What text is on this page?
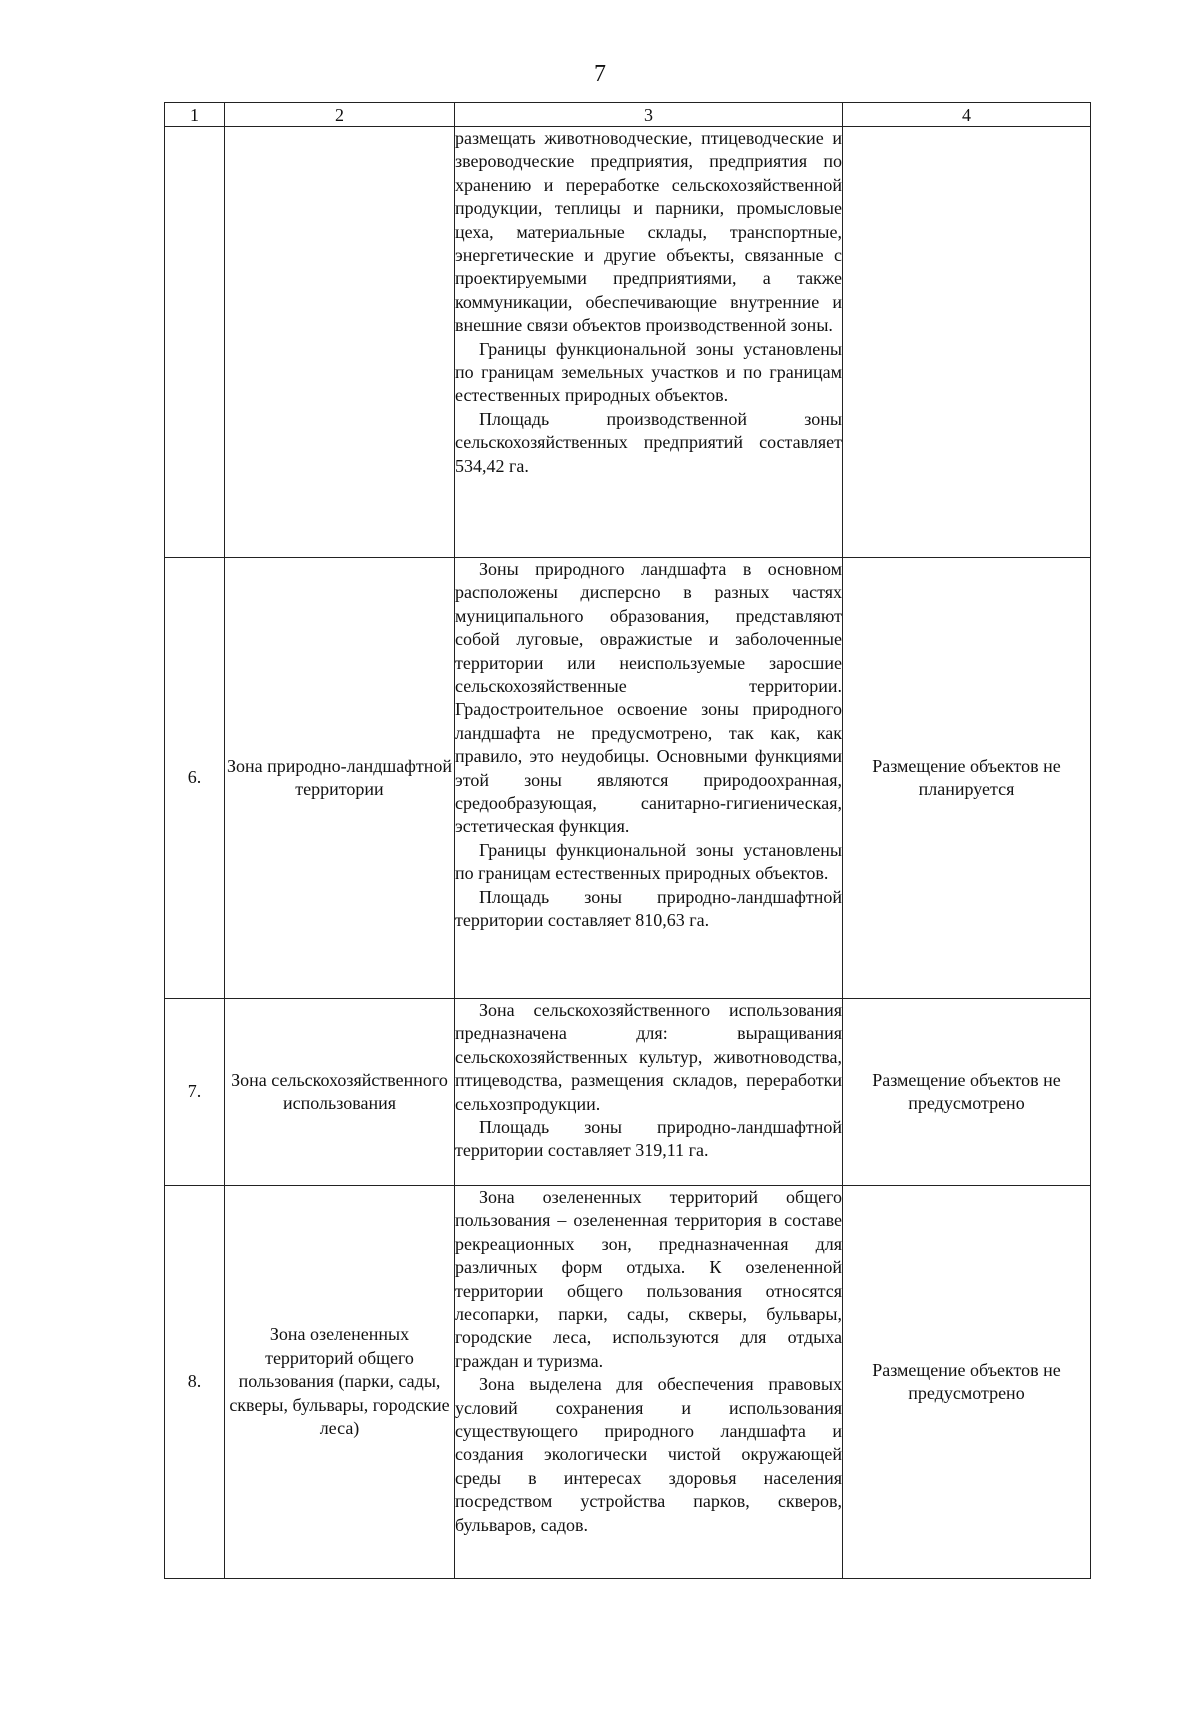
7
1	2	3	4

		размещать животноводческие, птицеводческие и звероводческие предприятия, предприятия по хранению и переработке сельскохозяйственной продукции, теплицы и парники, промысловые цеха, материальные склады, транспортные, энергетические и другие объекты, связанные с проектируемыми предприятиями, а также коммуникации, обеспечивающие внутренние и внешние связи объектов производственной зоны.

Границы функциональной зоны установлены по границам земельных участков и по границам естественных природных объектов.

Площадь производственной зоны сельскохозяйственных предприятий составляет 534,42 га.	

6.	Зона природно-ландшафтной территории	Зоны природного ландшафта в основном расположены дисперсно в разных частях муниципального образования, представляют собой луговые, овражистые и заболоченные территории или неиспользуемые заросшие сельскохозяйственные территории. Градостроительное освоение зоны природного ландшафта не предусмотрено, так как, как правило, это неудобицы. Основными функциями этой зоны являются природоохранная, средообразующая, санитарно-гигиеническая, эстетическая функция.

Границы функциональной зоны установлены по границам естественных природных объектов.

Площадь зоны природно-ландшафтной территории составляет 810,63 га.	Размещение объектов не планируется
7.	Зона сельскохозяйственного использования	Зона сельскохозяйственного использования предназначена для: выращивания сельскохозяйственных культур, животноводства, птицеводства, размещения складов, переработки сельхозпродукции.

Площадь зоны природно-ландшафтной территории составляет 319,11 га.	Размещение объектов не предусмотрено
8.	Зона озелененных территорий общего пользования (парки, сады, скверы, бульвары, городские леса)	Зона озелененных территорий общего пользования – озелененная территория в составе рекреационных зон, предназначенная для различных форм отдыха. К озелененной территории общего пользования относятся лесопарки, парки, сады, скверы, бульвары, городские леса, используются для отдыха граждан и туризма.

Зона выделена для обеспечения правовых условий сохранения и использования существующего природного ландшафта и создания экологически чистой окружающей среды в интересах здоровья населения посредством устройства парков, скверов, бульваров, садов.	Размещение объектов не предусмотрено
